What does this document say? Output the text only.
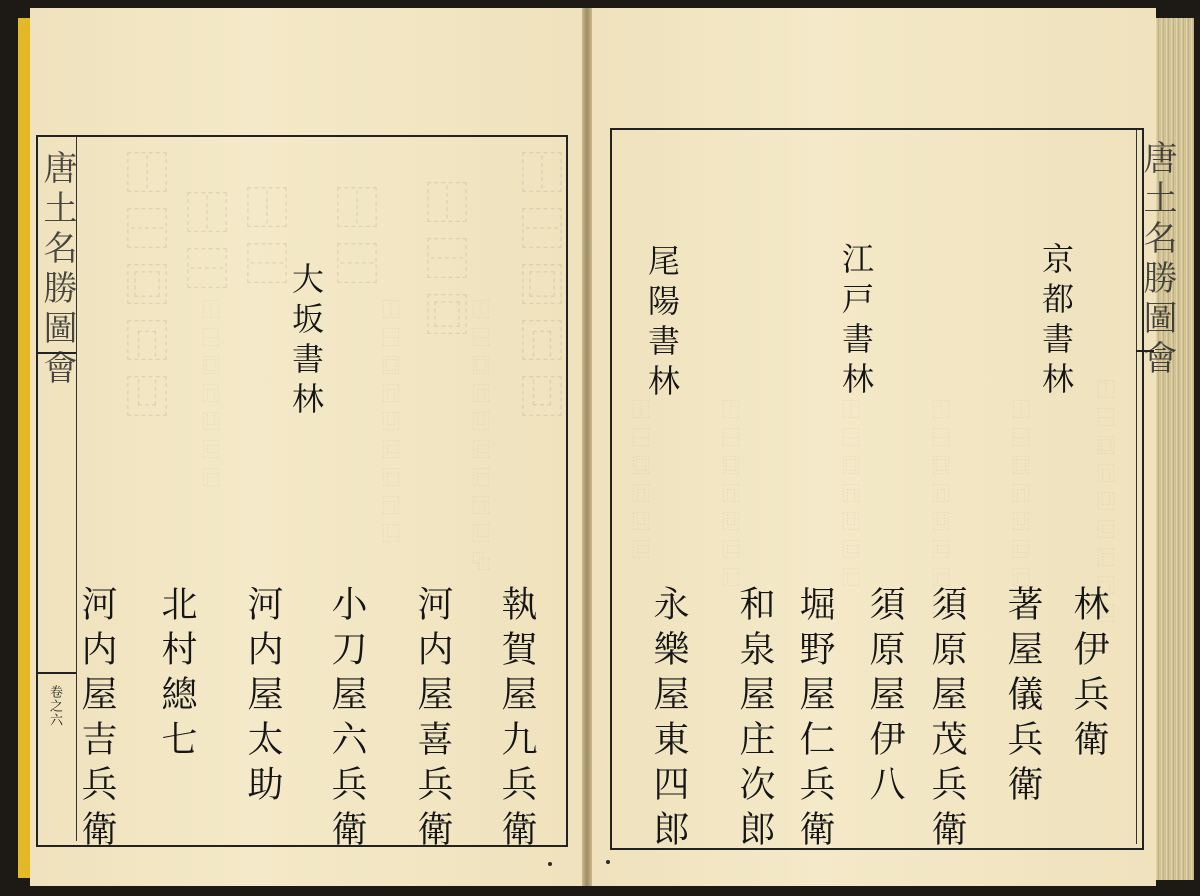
⿰⿱⿴⿵⿶
⿰⿱⿴
⿰⿱
⿰⿱
⿰⿱
⿰⿱⿴⿵⿶
⿰⿱⿴⿵⿶⿷⿸⿹⿺⿻
⿰⿱⿴⿵⿶⿷⿸⿹⿺
⿰⿱⿴⿵⿶⿷⿸	⿰⿱⿴⿵⿶⿷⿸⿹⿺
⿰⿱⿴⿵⿶⿷⿸⿹
⿰⿱⿴⿵⿶⿷⿸⿹
⿰⿱⿴⿵⿶⿷⿸
⿰⿱⿴⿵⿶⿷⿸
⿰⿱⿴⿵⿶⿷
唐土名勝圖會
卷之六
大坂書林
執賀屋九兵衛
河内屋喜兵衛
小刀屋六兵衛
河内屋太助
北村總七
河内屋吉兵衛
唐土名勝圖會
京都書林
江戸書林
尾陽書林
林伊兵衛
著屋儀兵衛
須原屋茂兵衛
須原屋伊八
堀野屋仁兵衛
和泉屋庄次郎
永樂屋東四郎
